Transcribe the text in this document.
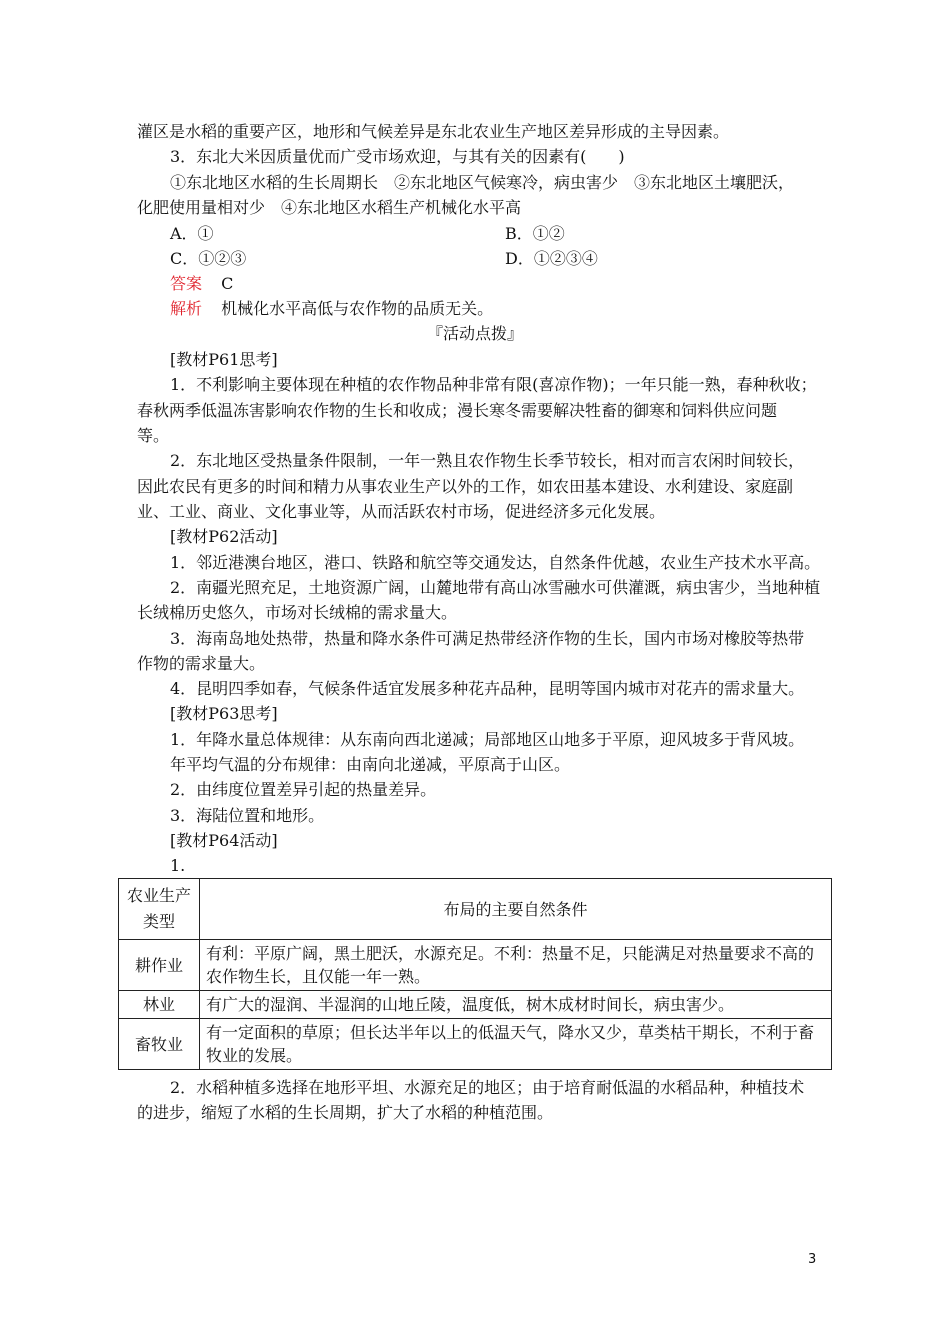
灌区是水稻的重要产区，地形和气候差异是东北农业生产地区差异形成的主导因素。
3．东北大米因质量优而广受市场欢迎，与其有关的因素有(　　)
①东北地区水稻的生长周期长　②东北地区气候寒冷，病虫害少　③东北地区土壤肥沃，
化肥使用量相对少　④东北地区水稻生产机械化水平高
A．①	B．①②
C．①②③	D．①②③④
答案 C
解析 机械化水平高低与农作物的品质无关。
『活动点拨』
[教材P61思考]
1．不利影响主要体现在种植的农作物品种非常有限(喜凉作物)；一年只能一熟，春种秋收；
春秋两季低温冻害影响农作物的生长和收成；漫长寒冬需要解决牲畜的御寒和饲料供应问题
等。
2．东北地区受热量条件限制，一年一熟且农作物生长季节较长，相对而言农闲时间较长，
因此农民有更多的时间和精力从事农业生产以外的工作，如农田基本建设、水利建设、家庭副
业、工业、商业、文化事业等，从而活跃农村市场，促进经济多元化发展。
[教材P62活动]
1．邻近港澳台地区，港口、铁路和航空等交通发达，自然条件优越，农业生产技术水平高。
2．南疆光照充足，土地资源广阔，山麓地带有高山冰雪融水可供灌溉，病虫害少，当地种植
长绒棉历史悠久，市场对长绒棉的需求量大。
3．海南岛地处热带，热量和降水条件可满足热带经济作物的生长，国内市场对橡胶等热带
作物的需求量大。
4．昆明四季如春，气候条件适宜发展多种花卉品种，昆明等国内城市对花卉的需求量大。
[教材P63思考]
1．年降水量总体规律：从东南向西北递减；局部地区山地多于平原，迎风坡多于背风坡。
年平均气温的分布规律：由南向北递减，平原高于山区。
2．由纬度位置差异引起的热量差异。
3．海陆位置和地形。
[教材P64活动]
1.
农业生产类型	布局的主要自然条件
耕作业	有利：平原广阔，黑土肥沃，水源充足。不利：热量不足，只能满足对热量要求不高的农作物生长，且仅能一年一熟。
林业	有广大的湿润、半湿润的山地丘陵，温度低，树木成材时间长，病虫害少。
畜牧业	有一定面积的草原；但长达半年以上的低温天气，降水又少，草类枯干期长，不利于畜牧业的发展。
2．水稻种植多选择在地形平坦、水源充足的地区；由于培育耐低温的水稻品种，种植技术
的进步，缩短了水稻的生长周期，扩大了水稻的种植范围。
3
